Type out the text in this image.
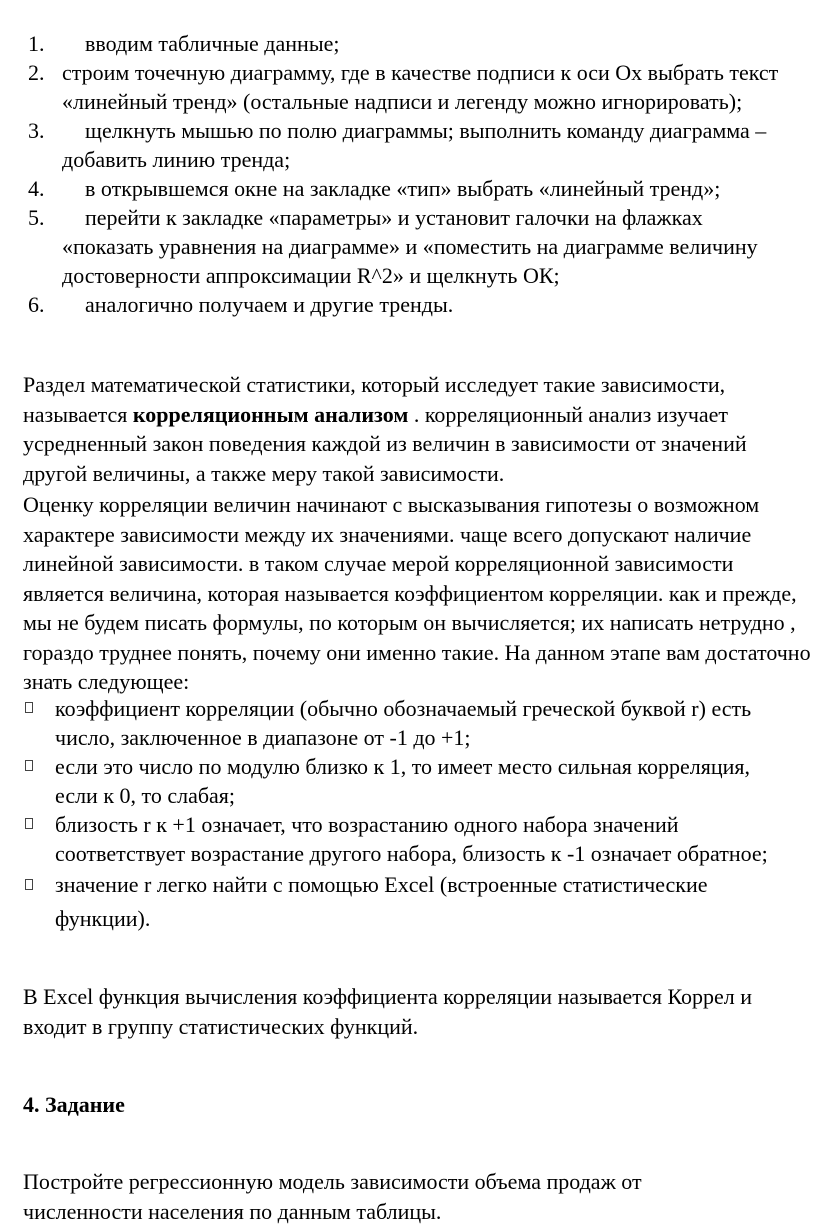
1.	вводим табличные данные;
2. строим точечную диаграмму, где в качестве подписи к оси Ох выбрать текст «линейный тренд» (остальные надписи и легенду можно игнорировать);
3.	щелкнуть мышью по полю диаграммы; выполнить команду диаграмма – добавить линию тренда;
4.	в открывшемся окне на закладке «тип» выбрать «линейный тренд»;
5.	перейти к закладке «параметры» и установит галочки на флажках «показать уравнения на диаграмме» и «поместить на диаграмме величину достоверности аппроксимации R^2» и щелкнуть ОК;
6.	аналогично получаем и другие тренды.
Раздел математической статистики, который исследует такие зависимости, называется корреляционным анализом . корреляционный анализ изучает усредненный закон поведения каждой из величин в зависимости от значений другой величины, а также меру такой зависимости.
Оценку корреляции величин начинают с высказывания гипотезы о возможном характере зависимости между их значениями. чаще всего допускают наличие линейной зависимости. в таком случае мерой корреляционной зависимости является величина, которая называется коэффициентом корреляции. как и прежде, мы не будем писать формулы, по которым он вычисляется; их написать нетрудно , гораздо труднее понять, почему они именно такие. На данном этапе вам достаточно знать следующее:
коэффициент корреляции (обычно обозначаемый греческой буквой r) есть число, заключенное в диапазоне от -1 до +1;
если это число по модулю близко к 1, то имеет место сильная корреляция, если к 0, то слабая;
близость r к +1 означает, что возрастанию одного набора значений соответствует возрастание другого набора, близость к -1 означает обратное;
значение r легко найти с помощью Excel (встроенные статистические функции).
В Excel функция вычисления коэффициента корреляции называется Коррел и входит в группу статистических функций.
4. Задание
Постройте регрессионную модель зависимости объема продаж от численности населения по данным таблицы.
